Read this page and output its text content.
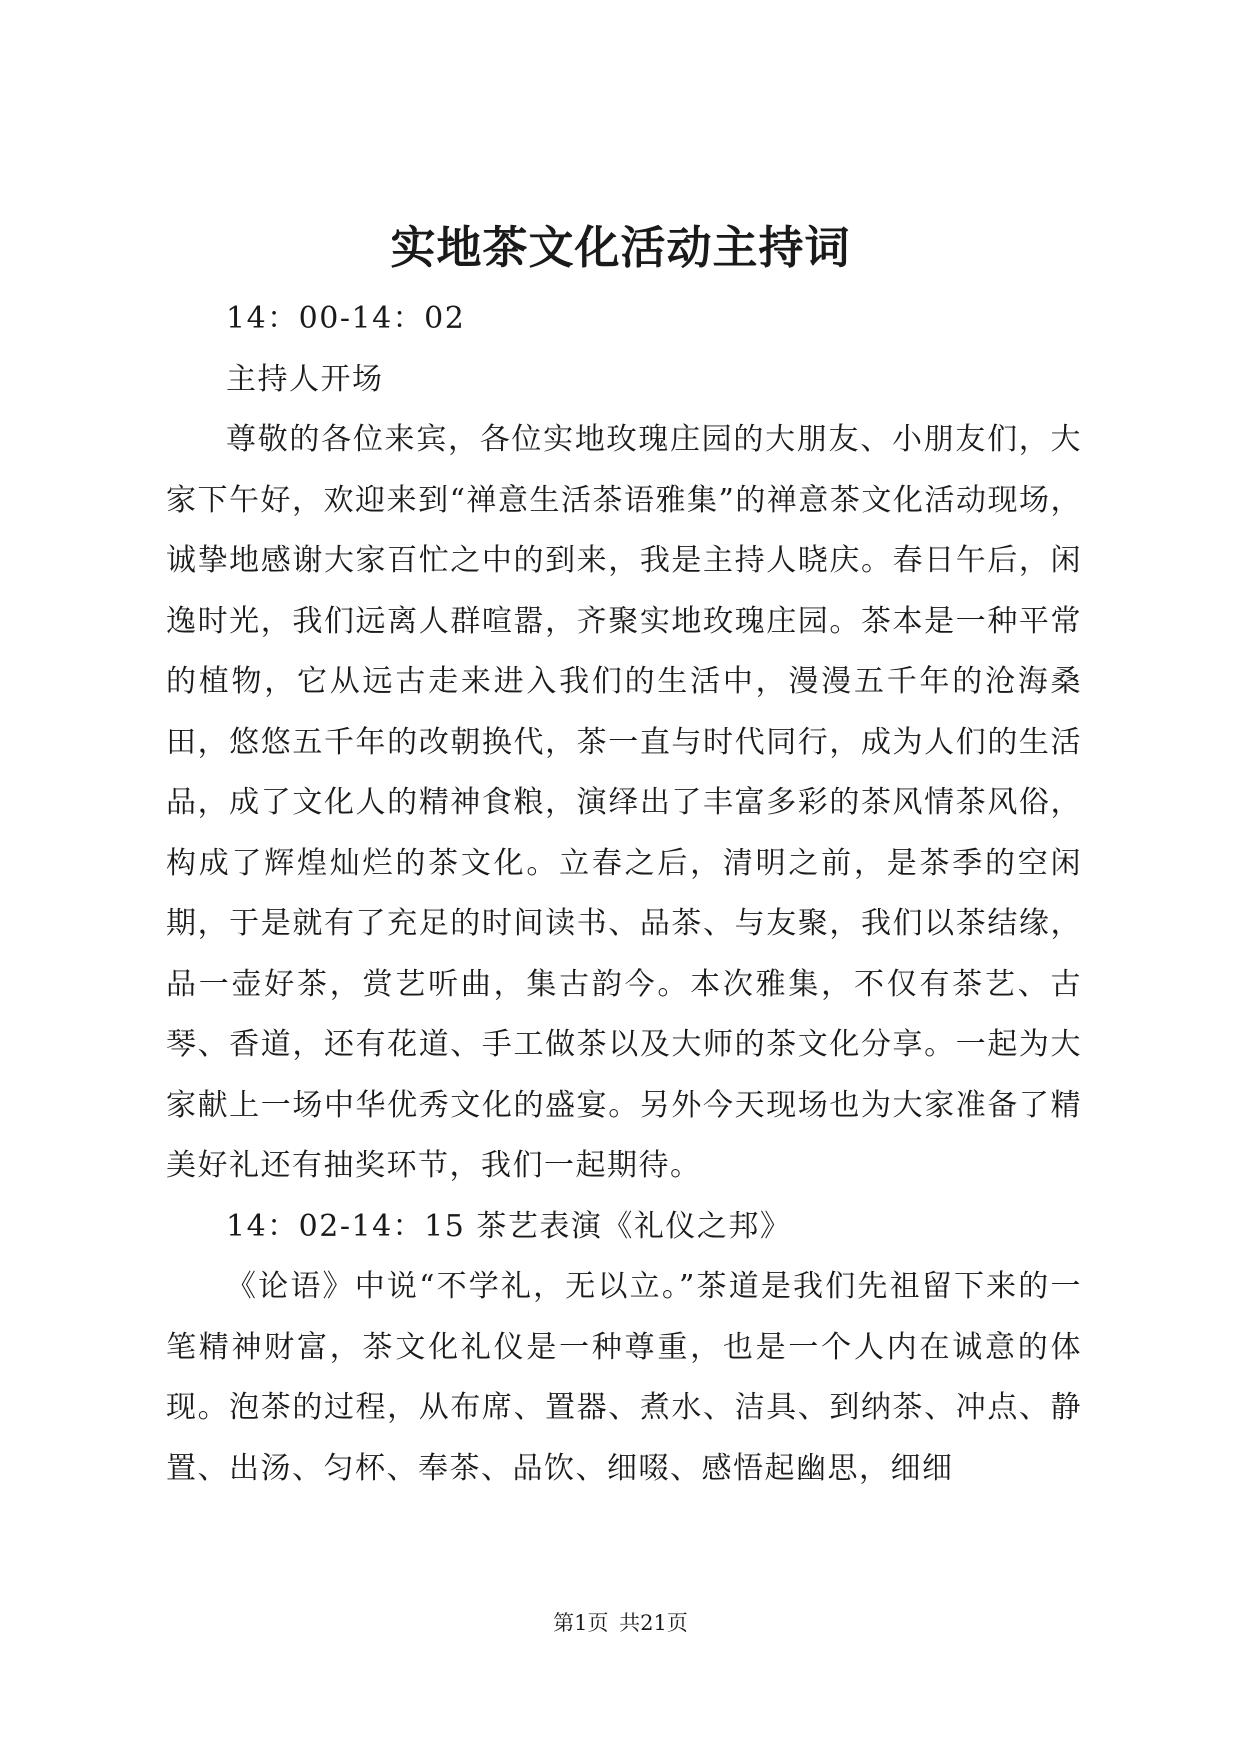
实地茶文化活动主持词

14：00-14：02

主持人开场

尊敬的各位来宾，各位实地玫瑰庄园的大朋友、小朋友们，大家下午好，欢迎来到“禅意生活茶语雅集”的禅意茶文化活动现场，诚挚地感谢大家百忙之中的到来，我是主持人晓庆。春日午后，闲逸时光，我们远离人群喧嚣，齐聚实地玫瑰庄园。茶本是一种平常的植物，它从远古走来进入我们的生活中，漫漫五千年的沧海桑田，悠悠五千年的改朝换代，茶一直与时代同行，成为人们的生活品，成了文化人的精神食粮，演绎出了丰富多彩的茶风情茶风俗，构成了辉煌灿烂的茶文化。立春之后，清明之前，是茶季的空闲期，于是就有了充足的时间读书、品茶、与友聚，我们以茶结缘，品一壶好茶，赏艺听曲，集古韵今。本次雅集，不仅有茶艺、古琴、香道，还有花道、手工做茶以及大师的茶文化分享。一起为大家献上一场中华优秀文化的盛宴。另外今天现场也为大家准备了精美好礼还有抽奖环节，我们一起期待。

14：02-14：15 茶艺表演《礼仪之邦》

《论语》中说“不学礼，无以立。”茶道是我们先祖留下来的一笔精神财富，茶文化礼仪是一种尊重，也是一个人内在诚意的体现。泡茶的过程，从布席、置器、煮水、洁具、到纳茶、冲点、静置、出汤、匀杯、奉茶、品饮、细啜、感悟起幽思，细细

第1页 共21页
